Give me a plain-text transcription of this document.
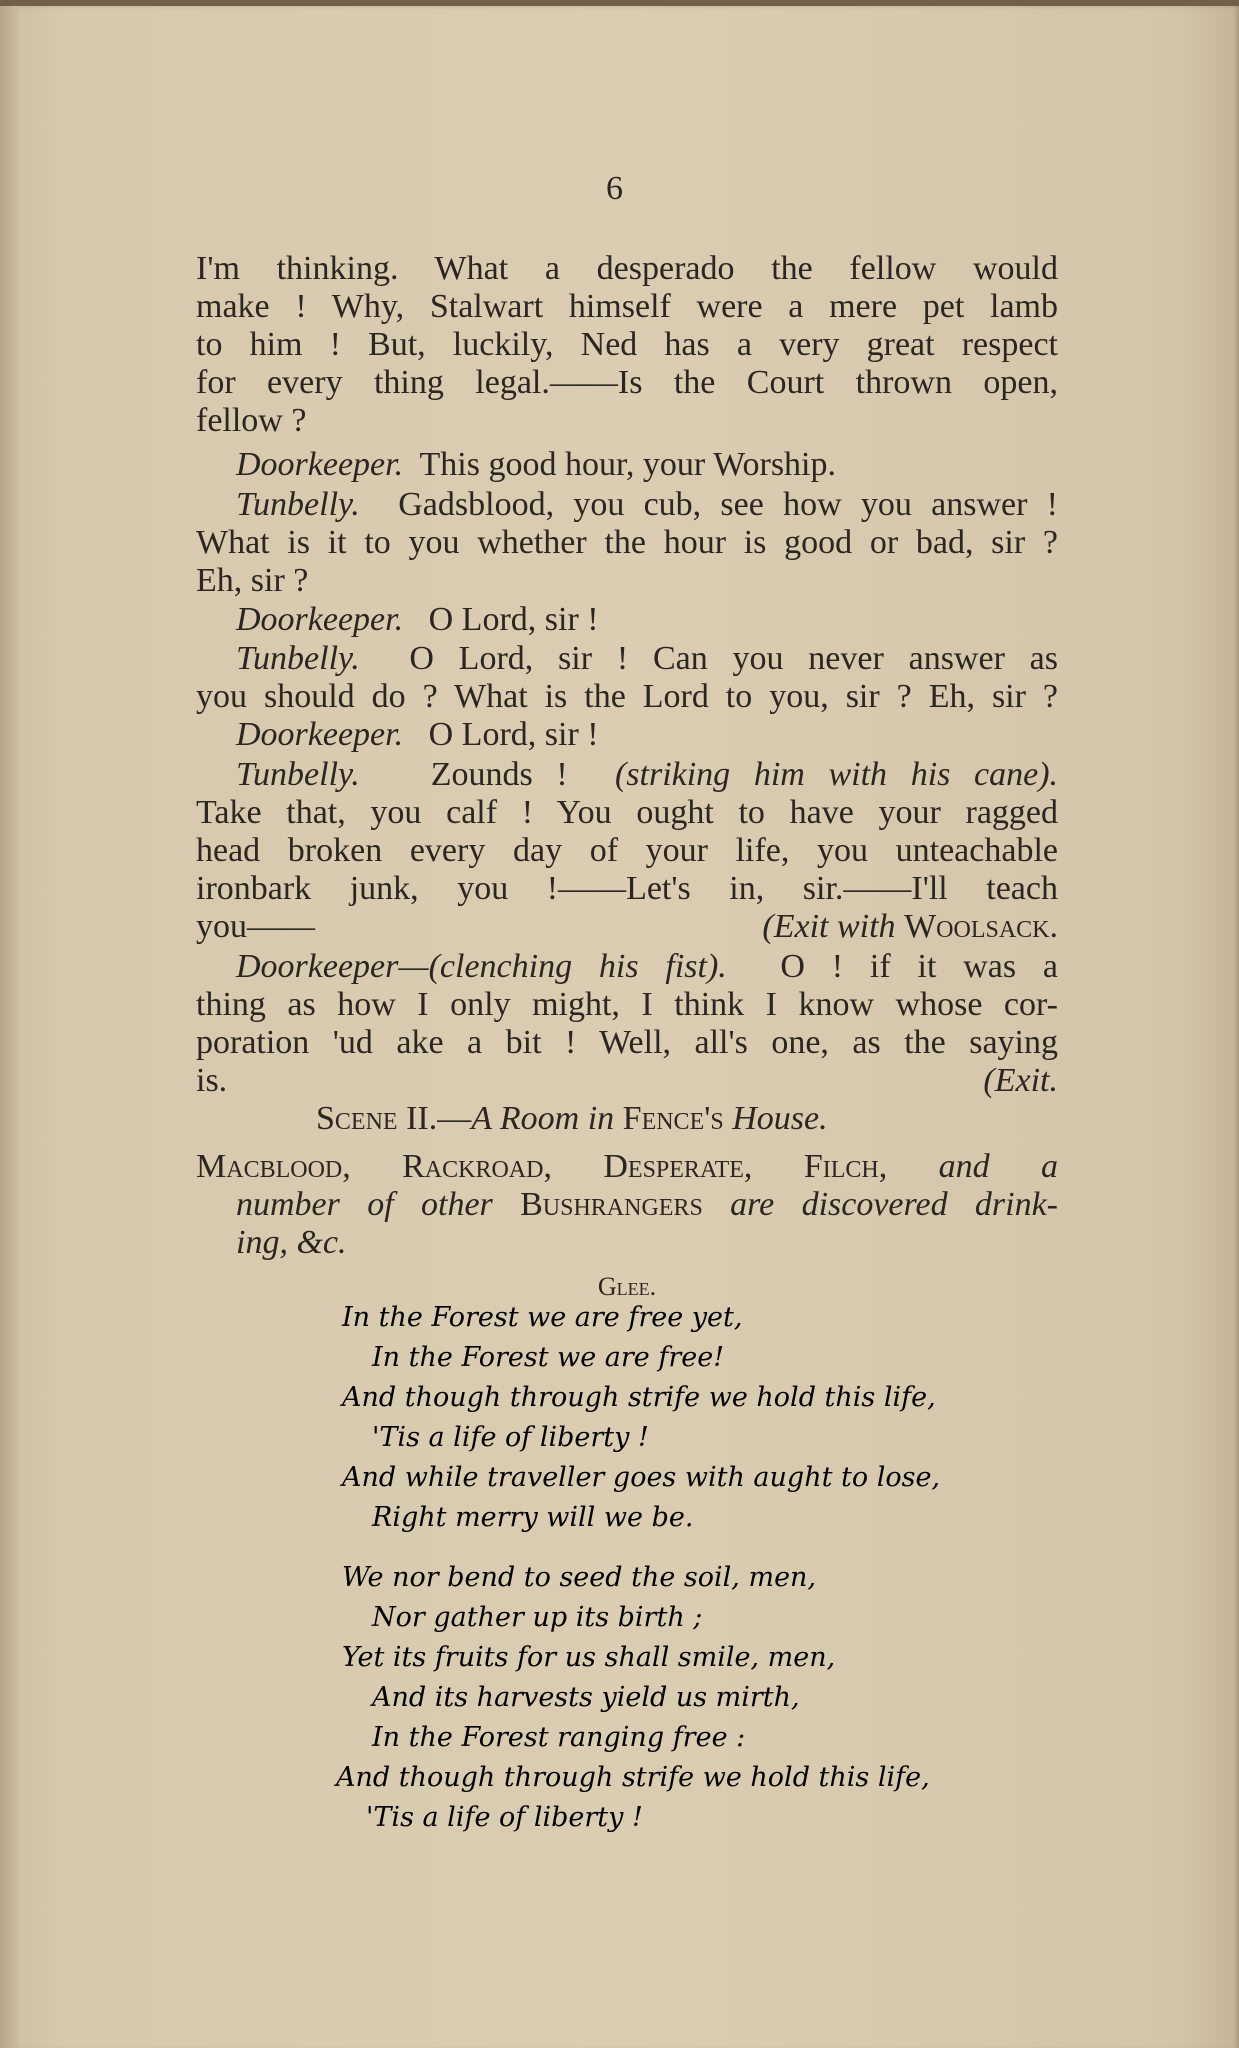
6
I'm thinking. What a desperado the fellow would
make ! Why, Stalwart himself were a mere pet lamb
to him ! But, luckily, Ned has a very great respect
for every thing legal.——Is the Court thrown open,
fellow ?
Doorkeeper. This good hour, your Worship.
Tunbelly. Gadsblood, you cub, see how you answer !
What is it to you whether the hour is good or bad, sir ?
Eh, sir ?
Doorkeeper. O Lord, sir !
Tunbelly. O Lord, sir ! Can you never answer as
you should do ? What is the Lord to you, sir ? Eh, sir ?
Doorkeeper. O Lord, sir !
Tunbelly. Zounds ! (striking him with his cane).
Take that, you calf ! You ought to have your ragged
head broken every day of your life, you unteachable
ironbark junk, you !——Let's in, sir.——I'll teach
you——	(Exit with Woolsack.
Doorkeeper—(clenching his fist). O ! if it was a
thing as how I only might, I think I know whose cor-
poration 'ud ake a bit ! Well, all's one, as the saying
is.	(Exit.
Scene II.—A Room in Fence's House.
Macblood, Rackroad, Desperate, Filch, and a
number of other Bushrangers are discovered drink-
ing, &c.
Glee.
In the Forest we are free yet,
In the Forest we are free!
And though through strife we hold this life,
'Tis a life of liberty !
And while traveller goes with aught to lose,
Right merry will we be.
We nor bend to seed the soil, men,
Nor gather up its birth ;
Yet its fruits for us shall smile, men,
And its harvests yield us mirth,
In the Forest ranging free :
And though through strife we hold this life,
'Tis a life of liberty !
